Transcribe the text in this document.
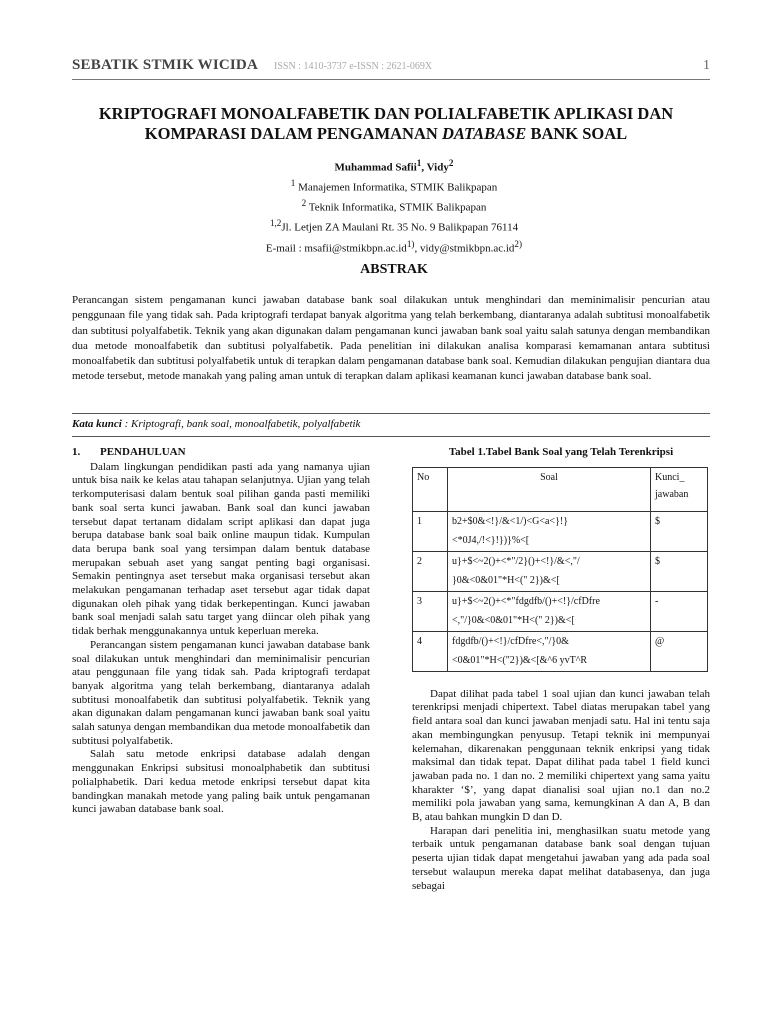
SEBATIK STMIK WICIDA ISSN : 1410-3737 e-ISSN : 2621-069X	1
KRIPTOGRAFI MONOALFABETIK DAN POLIALFABETIK APLIKASI DAN
KOMPARASI DALAM PENGAMANAN DATABASE BANK SOAL
Muhammad Safii$^1$, Vidy$^2$
$^1$ Manajemen Informatika, STMIK Balikpapan
$^2$ Teknik Informatika, STMIK Balikpapan
$^{1,2}$Jl. Letjen ZA Maulani Rt. 35 No. 9 Balikpapan 76114
E-mail : $msafii@stmikbpn.ac.id^{1)}$, $vidy@stmikbpn.ac.id^{2)}$
ABSTRAK
Perancangan sistem pengamanan kunci jawaban database bank soal dilakukan untuk menghindari dan meminimalisir pencurian atau penggunaan file yang tidak sah. Pada kriptografi terdapat banyak algoritma yang telah berkembang, diantaranya adalah subtitusi monoalfabetik dan subtitusi polyalfabetik. Teknik yang akan digunakan dalam pengamanan kunci jawaban bank soal yaitu salah satunya dengan membandikan dua metode monoalfabetik dan subtitusi polyalfabetik. Pada penelitian ini dilakukan analisa komparasi kemamanan antara subtitusi monoalfabetik dan subtitusi polyalfabetik untuk di terapkan dalam pengamanan database bank soal. Kemudian dilakukan pengujian diantara dua metode tersebut, metode manakah yang paling aman untuk di terapkan dalam aplikasi keamanan kunci jawaban database bank soal.
Kata kunci : Kriptografi, bank soal, monoalfabetik, polyalfabetik
1. PENDAHULUAN

Dalam lingkungan pendidikan pasti ada yang namanya ujian untuk bisa naik ke kelas atau tahapan selanjutnya. Ujian yang telah terkomputerisasi dalam bentuk soal pilihan ganda pasti memiliki bank soal serta kunci jawaban. Bank soal dan kunci jawaban tersebut dapat tertanam didalam script aplikasi dan dapat juga berupa database bank soal baik online maupun tidak. Kumpulan data berupa bank soal yang tersimpan dalam bentuk database merupakan sebuah aset yang sangat penting bagi organisasi. Semakin pentingnya aset tersebut maka organisasi tersebut akan melakukan pengamanan terhadap aset tersebut agar tidak dapat digunakan oleh pihak yang tidak berkepentingan. Kunci jawaban bank soal menjadi salah satu target yang diincar oleh pihak yang tidak berhak menggunakannya untuk keperluan mereka.

Perancangan sistem pengamanan kunci jawaban database bank soal dilakukan untuk menghindari dan meminimalisir pencurian atau penggunaan file yang tidak sah. Pada kriptografi terdapat banyak algoritma yang telah berkembang, diantaranya adalah subtitusi monoalfabetik dan subtitusi polyalfabetik. Teknik yang akan digunakan dalam pengamanan kunci jawaban bank soal yaitu salah satunya dengan membandikan dua metode monoalfabetik dan subtitusi polyalfabetik.

Salah satu metode enkripsi database adalah dengan menggunakan Enkripsi subsitusi monoalphabetik dan subtitusi polialphabetik. Dari kedua metode enkripsi tersebut dapat kita bandingkan manakah metode yang paling baik untuk pengamanan kunci jawaban database bank soal.

Tabel 1.Tabel Bank Soal yang Telah Terenkripsi
No	Soal	Kunci_
jawaban

1	b2+$0&<!}/&<1/)<G<a<}!}
<*0J4,/!<}!})}%<[	$
2	u}+$<~2()+<*"/2}()+<!}/&<,"/
}0&<0&01"*H<(" 2})&<[	$
3	u}+$<~2()+<*"fdgdfb/()+<!}/cfDfre
<,"/}0&<0&01"*H<(" 2})&<[	-
4	fdgdfb/()+<!}/cfDfre<,"/}0&
<0&01"*H<("2})&<[&^6 yvT^R	@

Dapat dilihat pada tabel 1 soal ujian dan kunci jawaban telah terenkripsi menjadi chipertext. Tabel diatas merupakan tabel yang field antara soal dan kunci jawaban menjadi satu. Hal ini tentu saja akan membingungkan penyusup. Tetapi teknik ini mempunyai kelemahan, dikarenakan penggunaan teknik enkripsi yang tidak maksimal dan tidak tepat. Dapat dilihat pada tabel 1 field kunci jawaban pada no. 1 dan no. 2 memiliki chipertext yang sama yaitu kharakter ‘$’, yang dapat dianalisi soal ujian no.1 dan no.2 memiliki pola jawaban yang sama, kemungkinan A dan A, B dan B, atau bahkan mungkin D dan D.

Harapan dari penelitia ini, menghasilkan suatu metode yang terbaik untuk pengamanan database bank soal dengan tujuan peserta ujian tidak dapat mengetahui jawaban yang ada pada soal tersebut walaupun mereka dapat melihat databasenya, dan juga sebagai
